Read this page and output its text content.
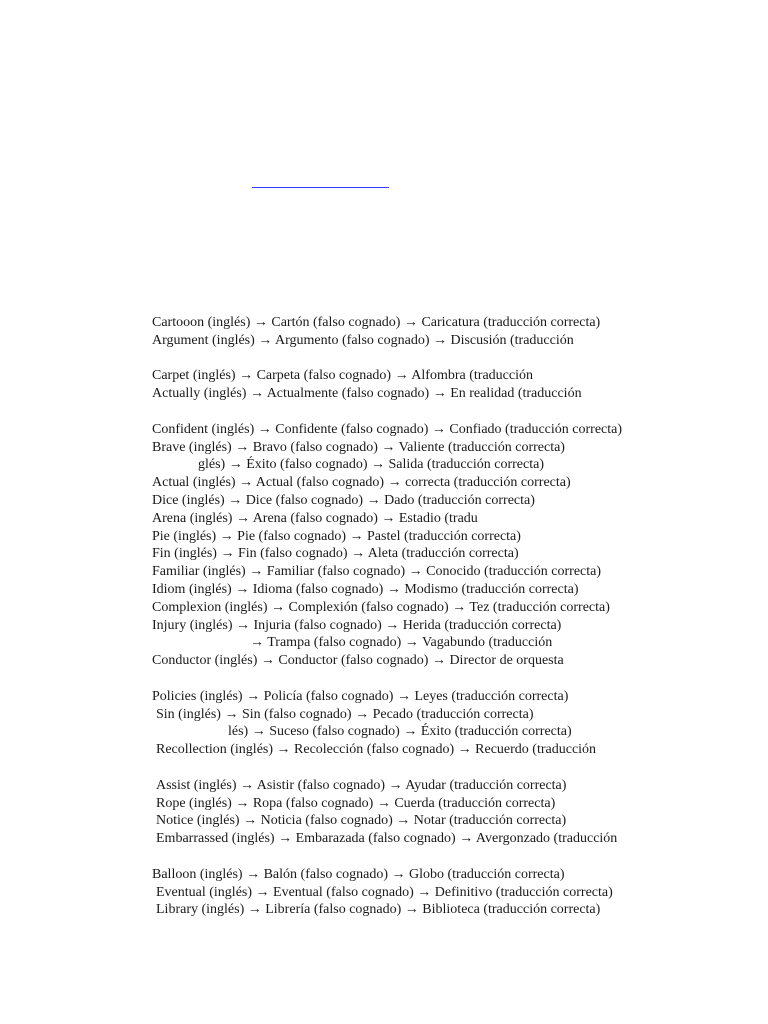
Cartooon (inglés) → Cartón (falso cognado) → Caricatura (traducción correcta)
Argument (inglés) → Argumento (falso cognado) → Discusión (traducción
Carpet (inglés) → Carpeta (falso cognado) → Alfombra (traducción
Actually (inglés) → Actualmente (falso cognado) → En realidad (traducción
Confident (inglés) → Confidente (falso cognado) → Confiado (traducción correcta)
Brave (inglés) → Bravo (falso cognado) → Valiente (traducción correcta)
glés) → Éxito (falso cognado) → Salida (traducción correcta)
Actual (inglés) → Actual (falso cognado) → correcta (traducción correcta)
Dice (inglés) → Dice (falso cognado) → Dado (traducción correcta)
Arena (inglés) → Arena (falso cognado) → Estadio (tradu
Pie (inglés) → Pie (falso cognado) → Pastel (traducción correcta)
Fin (inglés) → Fin (falso cognado) → Aleta (traducción correcta)
Familiar (inglés) → Familiar (falso cognado) → Conocido (traducción correcta)
Idiom (inglés) → Idioma (falso cognado) → Modismo (traducción correcta)
Complexion (inglés) → Complexión (falso cognado) → Tez (traducción correcta)
Injury (inglés) → Injuria (falso cognado) → Herida (traducción correcta)
→ Trampa (falso cognado) → Vagabundo (traducción
Conductor (inglés) → Conductor (falso cognado) → Director de orquesta
Policies (inglés) → Policía (falso cognado) → Leyes (traducción correcta)
Sin (inglés) → Sin (falso cognado) → Pecado (traducción correcta)
lés) → Suceso (falso cognado) → Éxito (traducción correcta)
Recollection (inglés) → Recolección (falso cognado) → Recuerdo (traducción
Assist (inglés) → Asistir (falso cognado) → Ayudar (traducción correcta)
Rope (inglés) → Ropa (falso cognado) → Cuerda (traducción correcta)
Notice (inglés) → Noticia (falso cognado) → Notar (traducción correcta)
Embarrassed (inglés) → Embarazada (falso cognado) → Avergonzado (traducción
Balloon (inglés) → Balón (falso cognado) → Globo (traducción correcta)
Eventual (inglés) → Eventual (falso cognado) → Definitivo (traducción correcta)
Library (inglés) → Librería (falso cognado) → Biblioteca (traducción correcta)
